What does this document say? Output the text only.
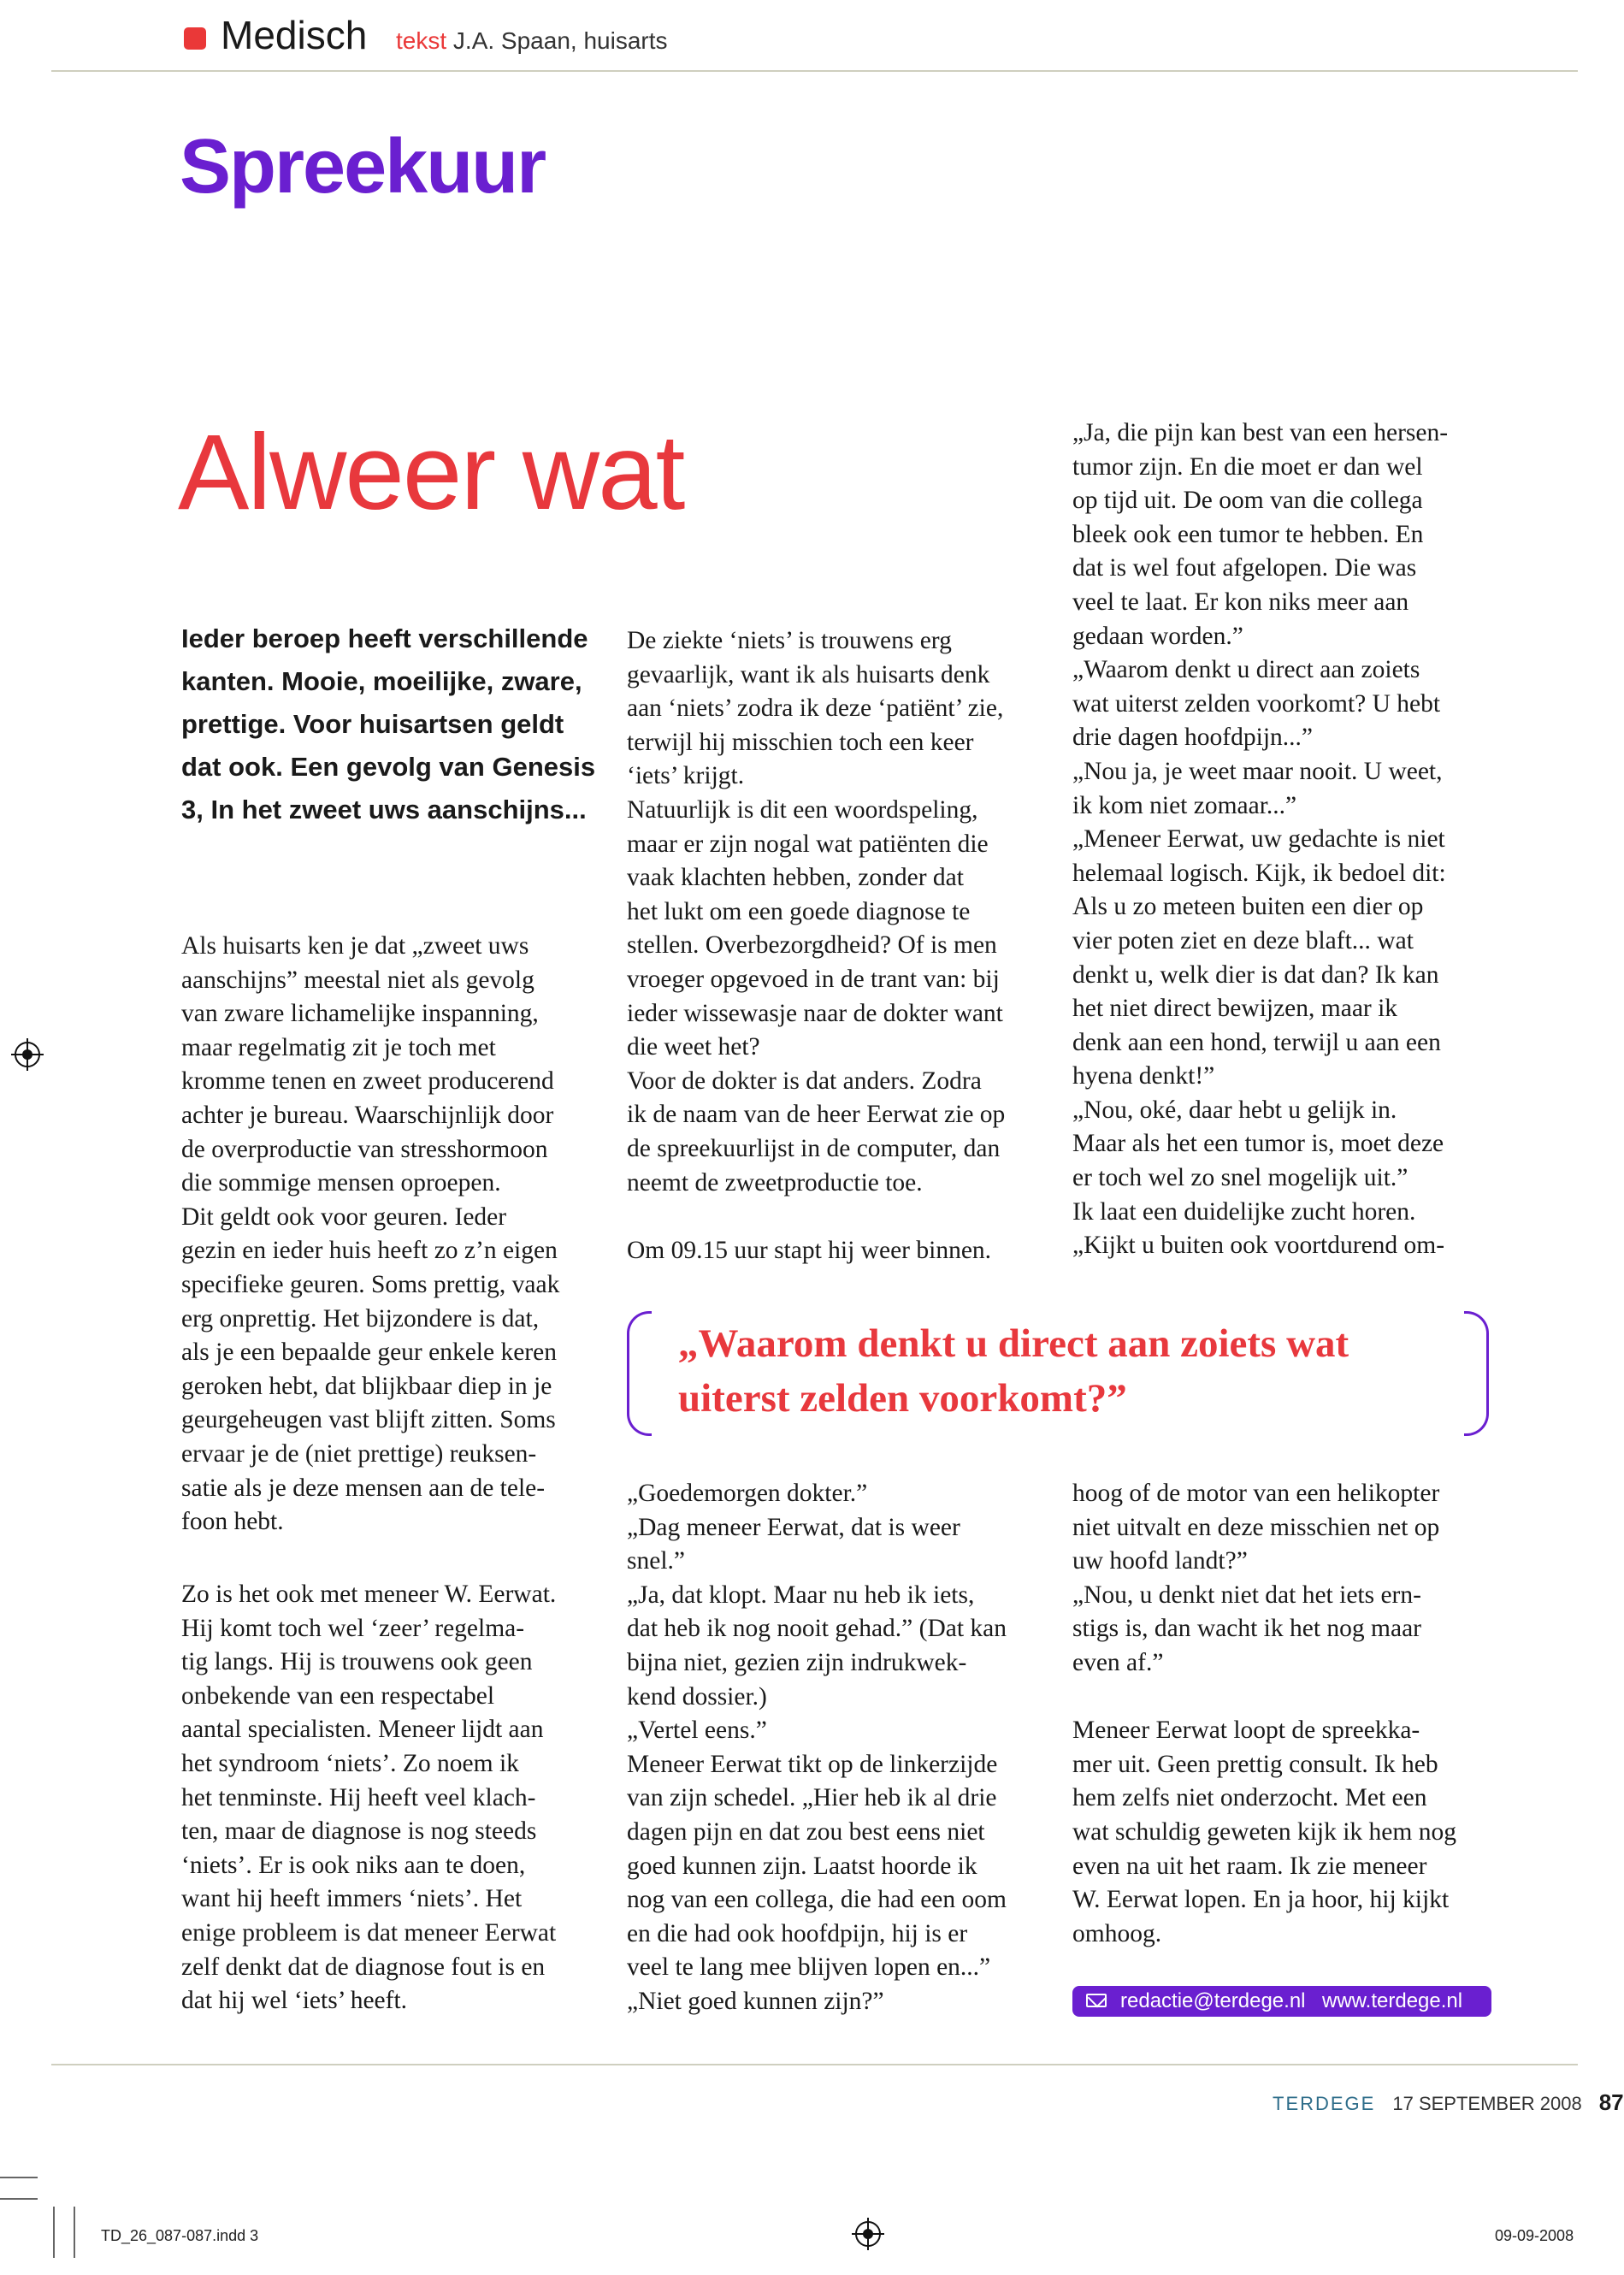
Medisch tekst J.A. Spaan, huisarts
Spreekuur
Alweer wat
Ieder beroep heeft verschillende kanten. Mooie, moeilijke, zware, prettige. Voor huisartsen geldt dat ook. Een gevolg van Genesis 3, In het zweet uws aanschijns...

Als huisarts ken je dat „zweet uws

aanschijns” meestal niet als gevolg

van zware lichamelijke inspanning,

maar regelmatig zit je toch met

kromme tenen en zweet producerend

achter je bureau. Waarschijnlijk door

de overproductie van stresshormoon

die sommige mensen oproepen.

Dit geldt ook voor geuren. Ieder

gezin en ieder huis heeft zo z’n eigen

specifieke geuren. Soms prettig, vaak

erg onprettig. Het bijzondere is dat,

als je een bepaalde geur enkele keren

geroken hebt, dat blijkbaar diep in je

geurgeheugen vast blijft zitten. Soms

ervaar je de (niet prettige) reuksen-

satie als je deze mensen aan de tele-

foon hebt.

Zo is het ook met meneer W. Eerwat.

Hij komt toch wel ‘zeer’ regelma-

tig langs. Hij is trouwens ook geen

onbekende van een respectabel

aantal specialisten. Meneer lijdt aan

het syndroom ‘niets’. Zo noem ik

het tenminste. Hij heeft veel klach-

ten, maar de diagnose is nog steeds

‘niets’. Er is ook niks aan te doen,

want hij heeft immers ‘niets’. Het

enige probleem is dat meneer Eerwat

zelf denkt dat de diagnose fout is en

dat hij wel ‘iets’ heeft.

De ziekte ‘niets’ is trouwens erg

gevaarlijk, want ik als huisarts denk

aan ‘niets’ zodra ik deze ‘patiënt’ zie,

terwijl hij misschien toch een keer

‘iets’ krijgt.

Natuurlijk is dit een woordspeling,

maar er zijn nogal wat patiënten die

vaak klachten hebben, zonder dat

het lukt om een goede diagnose te

stellen. Overbezorgdheid? Of is men

vroeger opgevoed in de trant van: bij

ieder wissewasje naar de dokter want

die weet het?

Voor de dokter is dat anders. Zodra

ik de naam van de heer Eerwat zie op

de spreekuurlijst in de computer, dan

neemt de zweetproductie toe.

Om 09.15 uur stapt hij weer binnen.

„Ja, die pijn kan best van een hersen-

tumor zijn. En die moet er dan wel

op tijd uit. De oom van die collega

bleek ook een tumor te hebben. En

dat is wel fout afgelopen. Die was

veel te laat. Er kon niks meer aan

gedaan worden.”

„Waarom denkt u direct aan zoiets

wat uiterst zelden voorkomt? U hebt

drie dagen hoofdpijn...”

„Nou ja, je weet maar nooit. U weet,

ik kom niet zomaar...”

„Meneer Eerwat, uw gedachte is niet

helemaal logisch. Kijk, ik bedoel dit:

Als u zo meteen buiten een dier op

vier poten ziet en deze blaft... wat

denkt u, welk dier is dat dan? Ik kan

het niet direct bewijzen, maar ik

denk aan een hond, terwijl u aan een

hyena denkt!”

„Nou, oké, daar hebt u gelijk in.

Maar als het een tumor is, moet deze

er toch wel zo snel mogelijk uit.”

Ik laat een duidelijke zucht horen.

„Kijkt u buiten ook voortdurend om-

„Waarom denkt u direct aan zoiets wat
uiterst zelden voorkomt?”

„Goedemorgen dokter.”

„Dag meneer Eerwat, dat is weer

snel.”

„Ja, dat klopt. Maar nu heb ik iets,

dat heb ik nog nooit gehad.” (Dat kan

bijna niet, gezien zijn indrukwek-

kend dossier.)

„Vertel eens.”

Meneer Eerwat tikt op de linkerzijde

van zijn schedel. „Hier heb ik al drie

dagen pijn en dat zou best eens niet

goed kunnen zijn. Laatst hoorde ik

nog van een collega, die had een oom

en die had ook hoofdpijn, hij is er

veel te lang mee blijven lopen en...”

„Niet goed kunnen zijn?”

hoog of de motor van een helikopter

niet uitvalt en deze misschien net op

uw hoofd landt?”

„Nou, u denkt niet dat het iets ern-

stigs is, dan wacht ik het nog maar

even af.”

Meneer Eerwat loopt de spreekka-

mer uit. Geen prettig consult. Ik heb

hem zelfs niet onderzocht. Met een

wat schuldig geweten kijk ik hem nog

even na uit het raam. Ik zie meneer

W. Eerwat lopen. En ja hoor, hij kijkt

omhoog.

redactie@terdege.nl www.terdege.nl
TERDEGE 17 SEPTEMBER 2008 87
TD_26_087-087.indd 3	09-09-2008
